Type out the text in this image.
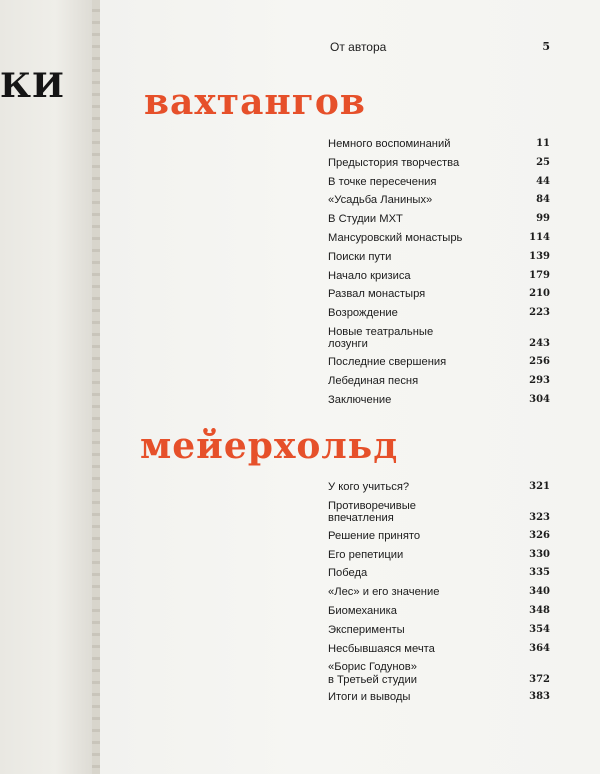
КИ
От автора	5
вахтангов
Немного воспоминаний	11
Предыстория творчества	25
В точке пересечения	44
«Усадьба Ланиных»	84
В Студии МХТ	99
Мансуровский монастырь	114
Поиски пути	139
Начало кризиса	179
Развал монастыря	210
Возрождение	223
Новые театральные
лозунги	243
Последние свершения	256
Лебединая песня	293
Заключение	304
мейерхольд
У кого учиться?	321
Противоречивые
впечатления	323
Решение принято	326
Его репетиции	330
Победа	335
«Лес» и его значение	340
Биомеханика	348
Эксперименты	354
Несбывшаяся мечта	364
«Борис Годунов»
в Третьей студии	372
Итоги и выводы	383
